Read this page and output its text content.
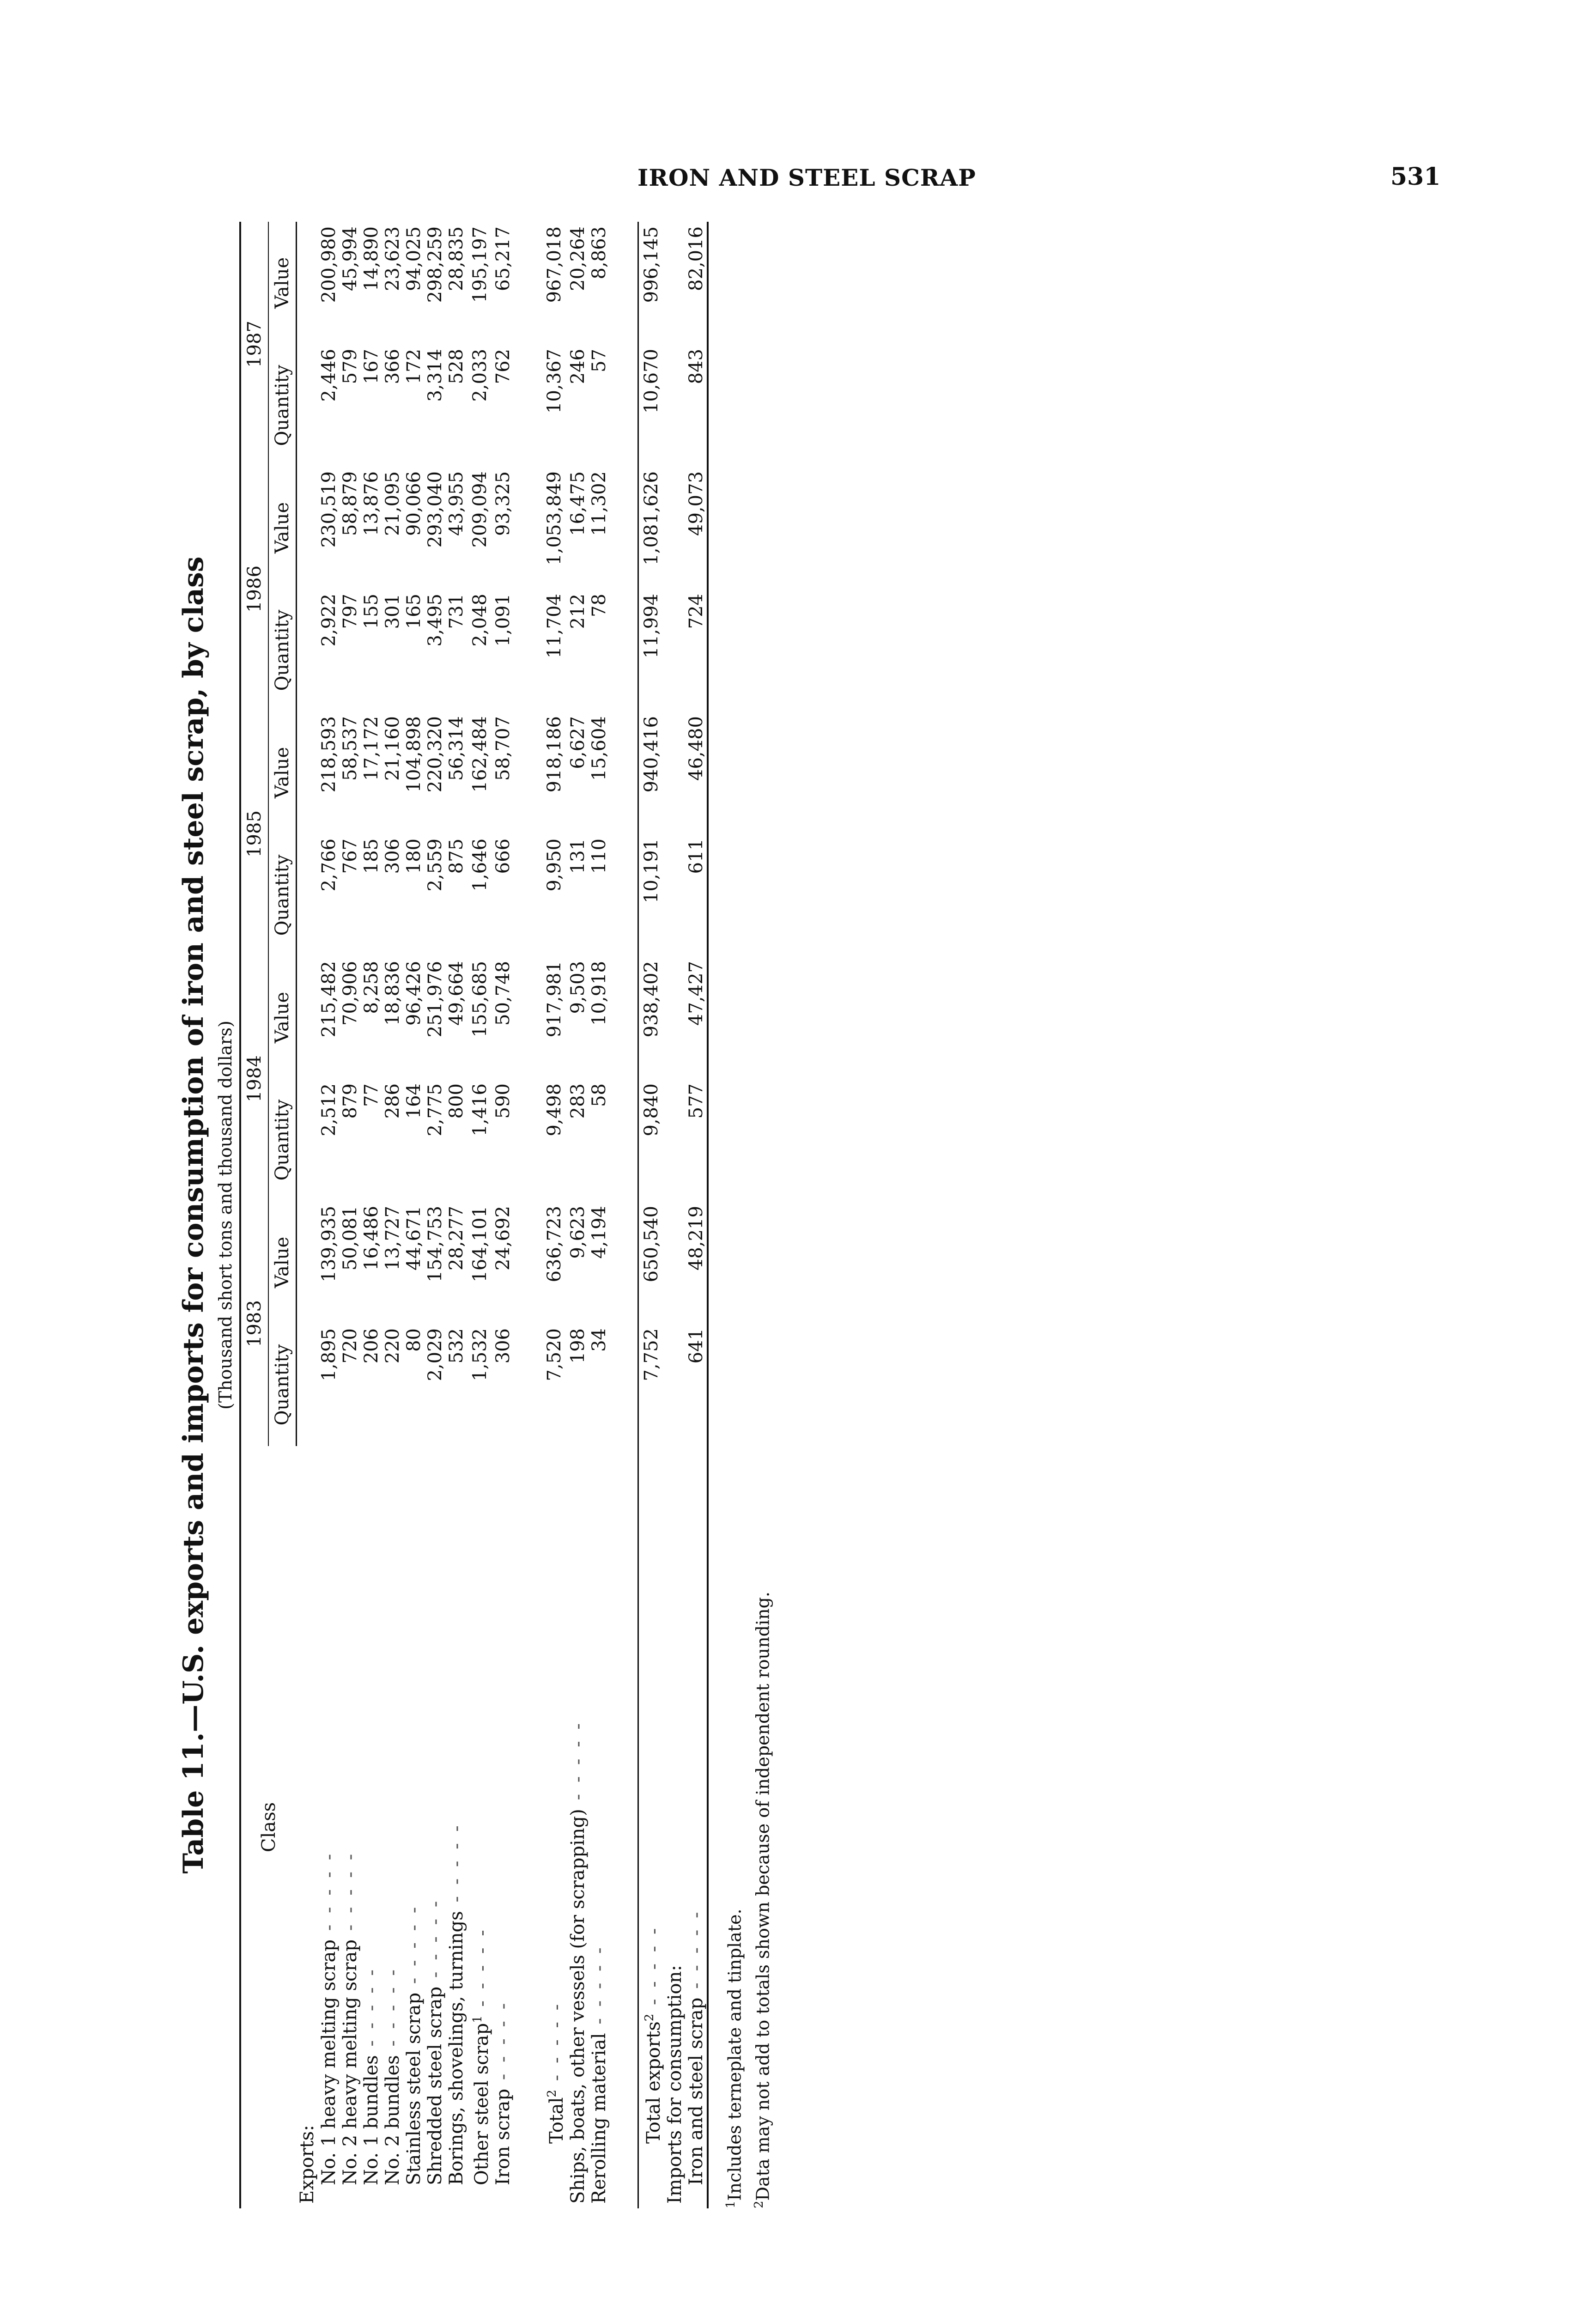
IRON AND STEEL SCRAP	531
Table 11.—U.S. exports and imports for consumption of iron and steel scrap, by class (Thousand short tons and thousand dollars)
Class	1983		1984		1985		1986		1987	
	Quantity	Value	Quantity	Value	Quantity	Value	Quantity	Value	Quantity	Value
Exports:										
No. 1 heavy melting scrap - - - - -	1,895	139,935	2,512	215,482	2,766	218,593	2,922	230,519	2,446	200,980
No. 2 heavy melting scrap - - - - -	720	50,081	879	70,906	767	58,537	797	58,879	579	45,994
No. 1 bundles - - - - -	206	16,486	77	8,258	185	17,172	155	13,876	167	14,890
No. 2 bundles - - - - -	220	13,727	286	18,836	306	21,160	301	21,095	366	23,623
Stainless steel scrap - - - - -	80	44,671	164	96,426	180	104,898	165	90,066	172	94,025
Shredded steel scrap - - - - -	2,029	154,753	2,775	251,976	2,559	220,320	3,495	293,040	3,314	298,259
Borings, shovelings, turnings - - - - -	532	28,277	800	49,664	875	56,314	731	43,955	528	28,835
Other steel scrap$^1$ - - - - -	1,532	164,101	1,416	155,685	1,646	162,484	2,048	209,094	2,033	195,197
Iron scrap - - - - -	306	24,692	590	50,748	666	58,707	1,091	93,325	762	65,217

Total$^2$ - - - - -	7,520	636,723	9,498	917,981	9,950	918,186	11,704	1,053,849	10,367	967,018
Ships, boats, other vessels (for scrapping) - - - - -	198	9,623	283	9,503	131	6,627	212	16,475	246	20,264
Rerolling material - - - - -	34	4,194	58	10,918	110	15,604	78	11,302	57	8,863

Total exports$^2$ - - - - -	7,752	650,540	9,840	938,402	10,191	940,416	11,994	1,081,626	10,670	996,145
Imports for consumption:										
Iron and steel scrap - - - - -	641	48,219	577	47,427	611	46,480	724	49,073	843	82,016
$^1$Includes terneplate and tinplate.
$^2$Data may not add to totals shown because of independent rounding.
